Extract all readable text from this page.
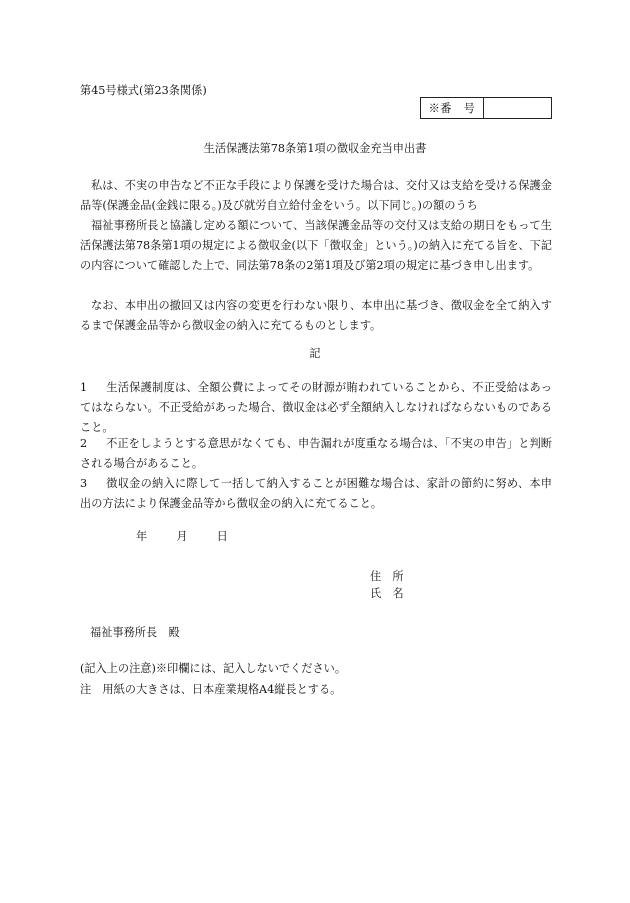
第45号様式(第23条関係)
※番　号
生活保護法第78条第1項の徴収金充当申出書
私は、不実の申告など不正な手段により保護を受けた場合は、交付又は支給を受ける保護金品等(保護金品(金銭に限る。)及び就労自立給付金をいう。以下同じ。)の額のうち
福祉事務所長と協議し定める額について、当該保護金品等の交付又は支給の期日をもって生活保護法第78条第1項の規定による徴収金(以下「徴収金」という。)の納入に充てる旨を、下記の内容について確認した上で、同法第78条の2第1項及び第2項の規定に基づき申し出ます。
なお、本申出の撤回又は内容の変更を行わない限り、本申出に基づき、徴収金を全て納入するまで保護金品等から徴収金の納入に充てるものとします。
記
1 生活保護制度は、全額公費によってその財源が賄われていることから、不正受給はあってはならない。不正受給があった場合、徴収金は必ず全額納入しなければならないものであること。
2 不正をしようとする意思がなくても、申告漏れが度重なる場合は、「不実の申告」と判断される場合があること。
3 徴収金の納入に際して一括して納入することが困難な場合は、家計の節約に努め、本申出の方法により保護金品等から徴収金の納入に充てること。
年	月	日
住　所
氏　名
福祉事務所長　殿
(記入上の注意)※印欄には、記入しないでください。
注　用紙の大きさは、日本産業規格A4縦長とする。
